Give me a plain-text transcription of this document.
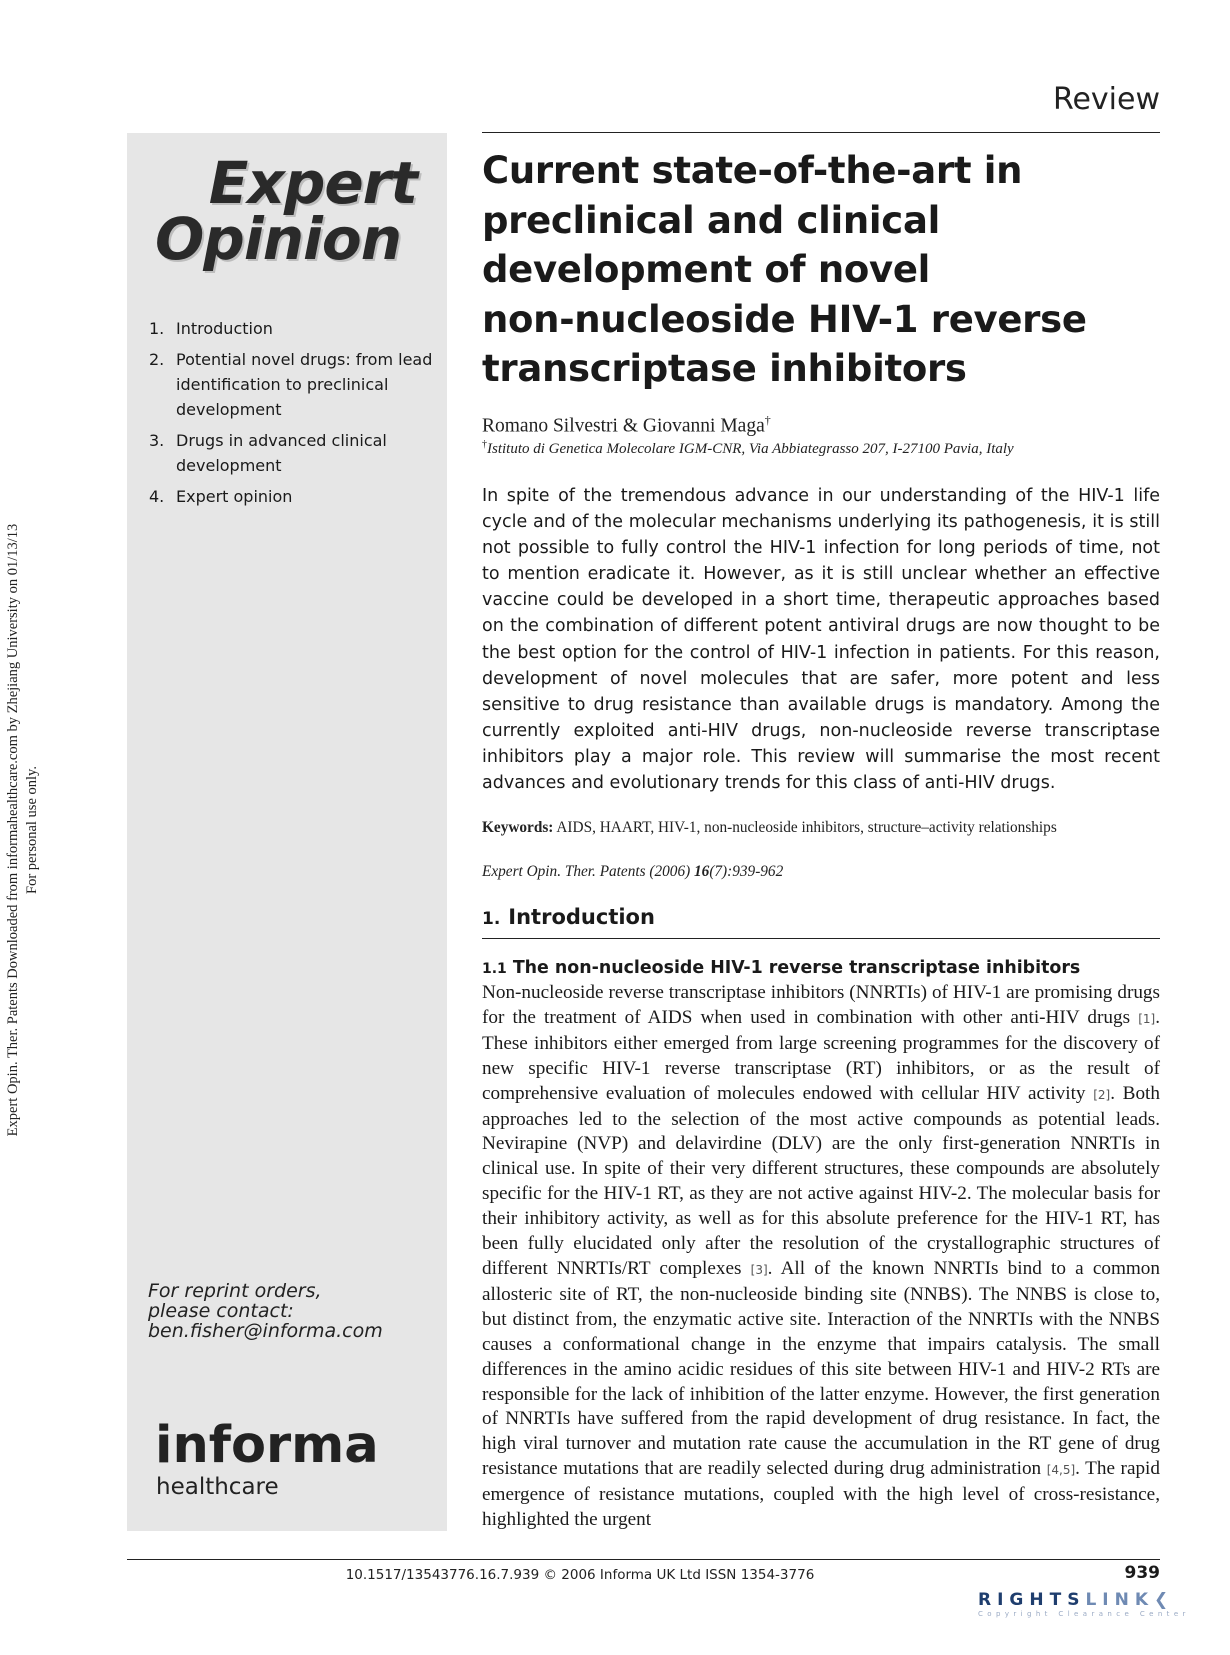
Expert Opin. Ther. Patents Downloaded from informahealthcare.com by Zhejiang University on 01/13/13 For personal use only.
Review
Expert
Opinion
1. Introduction
2. Potential novel drugs: from lead identification to preclinical development
3. Drugs in advanced clinical development
4. Expert opinion
For reprint orders,
please contact:
ben.fisher@informa.com
informa
healthcare
Current state-of-the-art in
preclinical and clinical
development of novel
non-nucleoside HIV-1 reverse
transcriptase inhibitors
Romano Silvestri & Giovanni Maga†
†Istituto di Genetica Molecolare IGM-CNR, Via Abbiategrasso 207, I-27100 Pavia, Italy

In spite of the tremendous advance in our understanding of the HIV-1 life cycle and of the molecular mechanisms underlying its pathogenesis, it is still not possible to fully control the HIV-1 infection for long periods of time, not to mention eradicate it. However, as it is still unclear whether an effective vaccine could be developed in a short time, therapeutic approaches based on the combination of different potent antiviral drugs are now thought to be the best option for the control of HIV-1 infection in patients. For this reason, development of novel molecules that are safer, more potent and less sensitive to drug resistance than available drugs is mandatory. Among the currently exploited anti-HIV drugs, non-nucleoside reverse transcriptase inhibitors play a major role. This review will summarise the most recent advances and evolutionary trends for this class of anti-HIV drugs.

Keywords: AIDS, HAART, HIV-1, non-nucleoside inhibitors, structure–activity relationships
Expert Opin. Ther. Patents (2006) 16(7):939-962
1. Introduction
1.1 The non-nucleoside HIV-1 reverse transcriptase inhibitors

Non-nucleoside reverse transcriptase inhibitors (NNRTIs) of HIV-1 are promising drugs for the treatment of AIDS when used in combination with other anti-HIV drugs [1]. These inhibitors either emerged from large screening programmes for the discovery of new specific HIV-1 reverse transcriptase (RT) inhibitors, or as the result of comprehensive evaluation of molecules endowed with cellular HIV activity [2]. Both approaches led to the selection of the most active compounds as potential leads. Nevirapine (NVP) and delavirdine (DLV) are the only first-generation NNRTIs in clinical use. In spite of their very different structures, these compounds are absolutely specific for the HIV-1 RT, as they are not active against HIV-2. The molecular basis for their inhibitory activity, as well as for this absolute preference for the HIV-1 RT, has been fully elucidated only after the resolution of the crystallographic structures of different NNRTIs/RT complexes [3]. All of the known NNRTIs bind to a common allosteric site of RT, the non-nucleoside binding site (NNBS). The NNBS is close to, but distinct from, the enzymatic active site. Interaction of the NNRTIs with the NNBS causes a conformational change in the enzyme that impairs catalysis. The small differences in the amino acidic residues of this site between HIV-1 and HIV-2 RTs are responsible for the lack of inhibition of the latter enzyme. However, the first generation of NNRTIs have suffered from the rapid development of drug resistance. In fact, the high viral turnover and mutation rate cause the accumulation in the RT gene of drug resistance mutations that are readily selected during drug administration [4,5]. The rapid emergence of resistance mutations, coupled with the high level of cross-resistance, highlighted the urgent

10.1517/13543776.16.7.939 © 2006 Informa UK Ltd ISSN 1354-3776	939
RIGHTSLINK❮
Copyright Clearance Center
